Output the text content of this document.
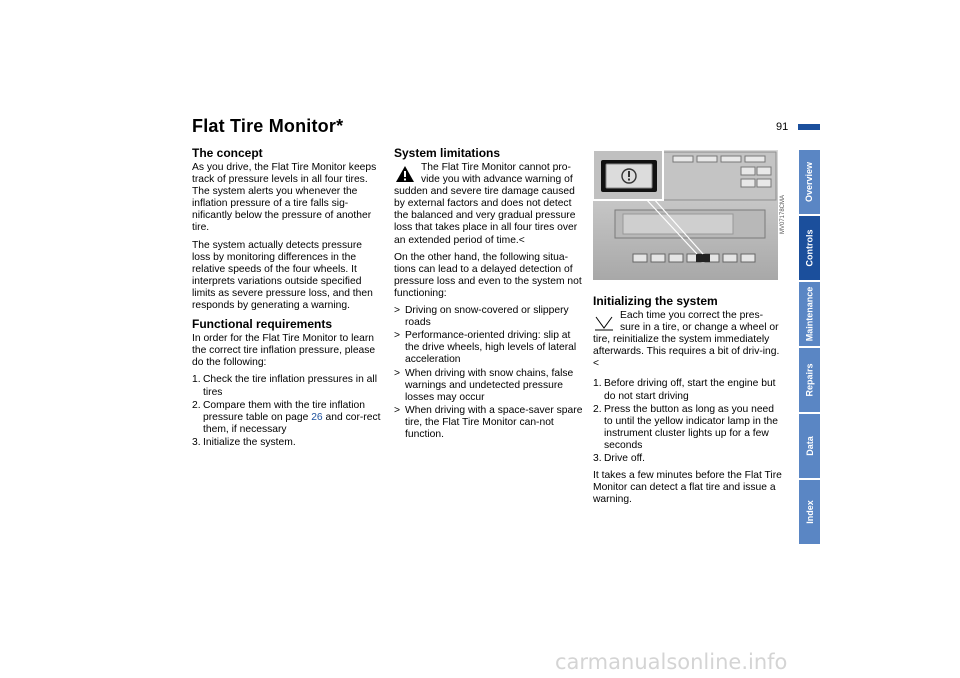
Flat Tire Monitor*	91
The concept

As you drive, the Flat Tire Monitor keeps track of pressure levels in all four tires. The system alerts you whenever the inflation pressure of a tire falls sig-nificantly below the pressure of another tire.

The system actually detects pressure loss by monitoring differences in the relative speeds of the four wheels. It interprets variations outside specified limits as severe pressure loss, and then responds by generating a warning.

Functional requirements

In order for the Flat Tire Monitor to learn the correct tire inflation pressure, please do the following:

1. Check the tire inflation pressures in all tires
2. Compare them with the tire inflation pressure table on page 26 and cor-rect them, if necessary
3. Initialize the system.
System limitations

The Flat Tire Monitor cannot pro-vide you with advance warning of sudden and severe tire damage caused by external factors and does not detect the balanced and very gradual pressure loss that takes place in all four tires over an extended period of time.<

On the other hand, the following situa-tions can lead to a delayed detection of pressure loss and even to the system not functioning:

> Driving on snow-covered or slippery roads
> Performance-oriented driving: slip at the drive wheels, high levels of lateral acceleration
> When driving with snow chains, false warnings and undetected pressure losses may occur
> When driving with a space-saver spare tire, the Flat Tire Monitor can-not function.
MV07178CMA
Initializing the system

Each time you correct the pres-sure in a tire, or change a wheel or tire, reinitialize the system immediately afterwards. This requires a bit of driv-ing.<

1. Before driving off, start the engine but do not start driving
2. Press the button as long as you need to until the yellow indicator lamp in the instrument cluster lights up for a few seconds
3. Drive off.

It takes a few minutes before the Flat Tire Monitor can detect a flat tire and issue a warning.

Overview
Controls
Maintenance
Repairs
Data
Index
carmanualsonline.info
